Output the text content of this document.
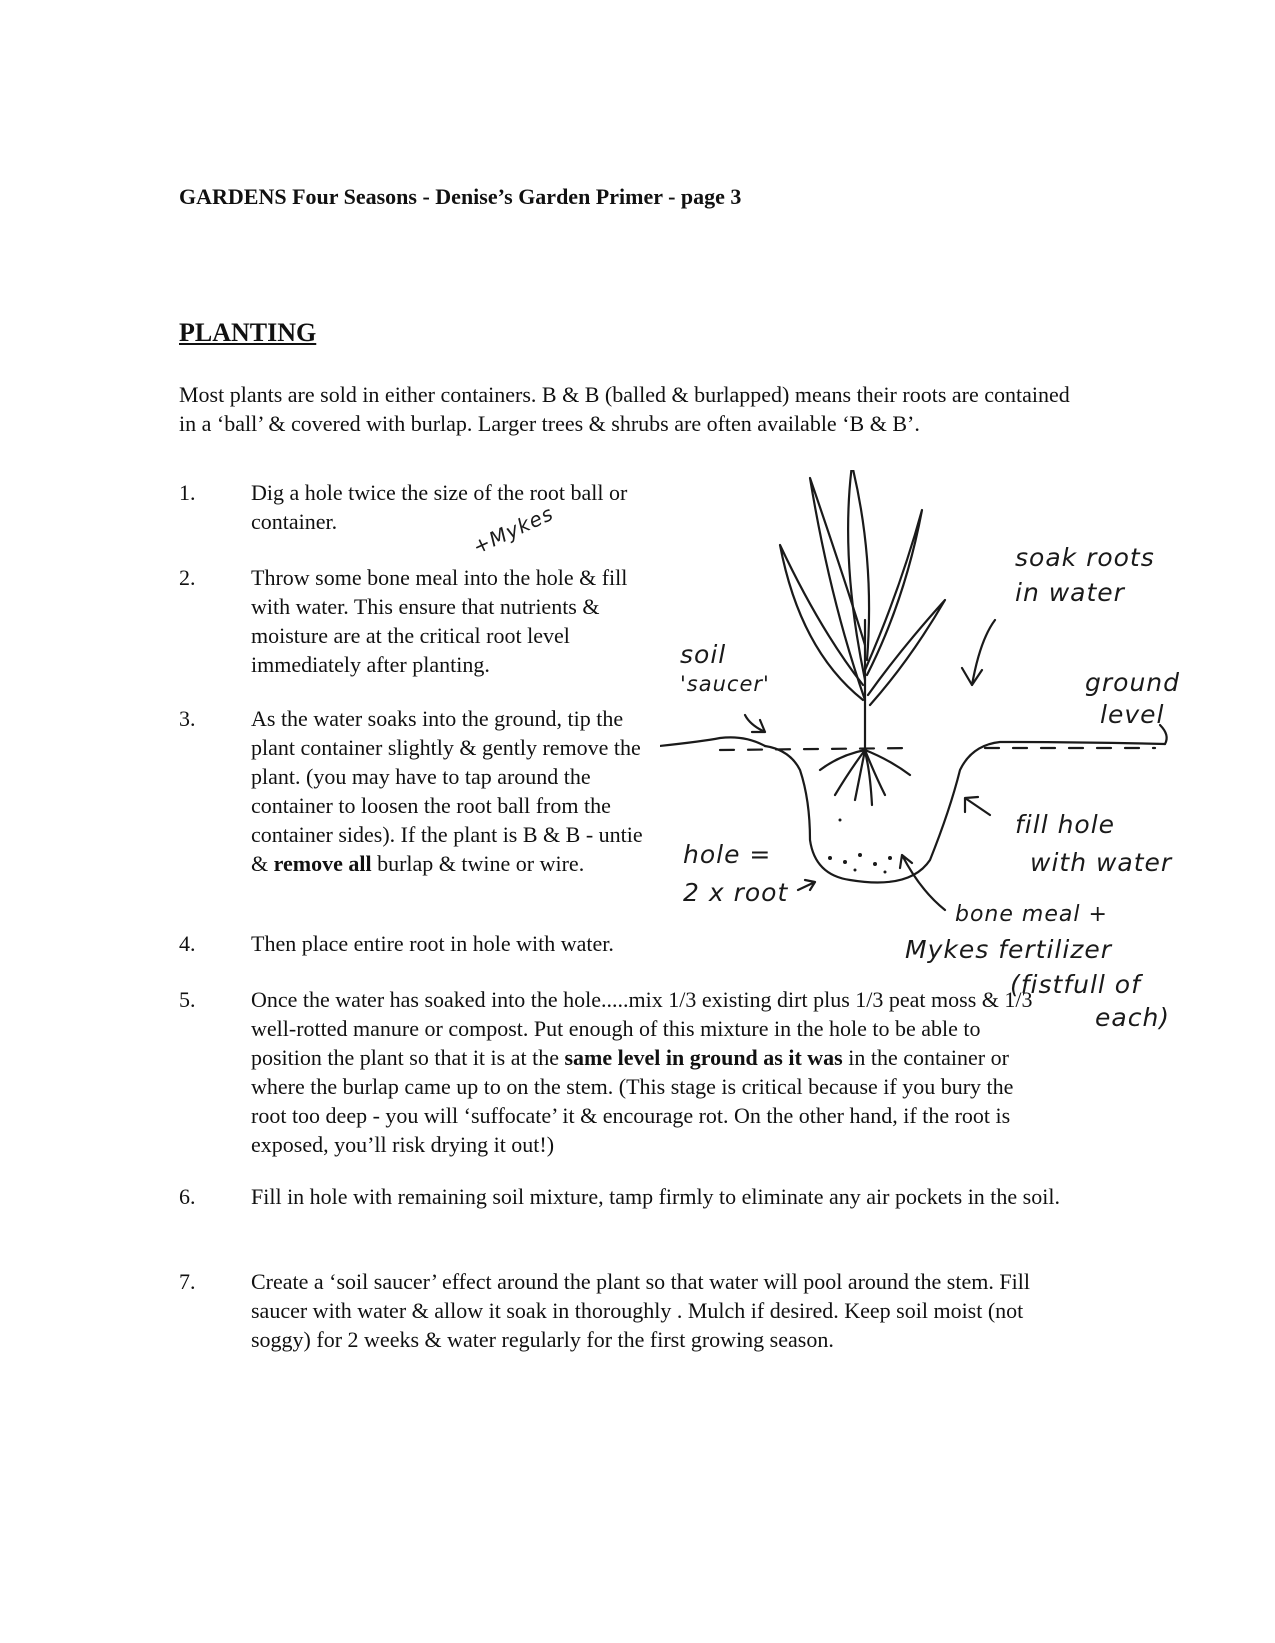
GARDENS Four Seasons - Denise’s Garden Primer - page 3
PLANTING

Most plants are sold in either containers. B & B (balled & burlapped) means their roots are contained in a ‘ball’ & covered with burlap. Larger trees & shrubs are often available ‘B & B’.

1.	Dig a hole twice the size of the root ball or container.

2.	Throw some bone meal into the hole & fill with water. This ensure that nutrients & moisture are at the critical root level immediately after planting.

3.	As the water soaks into the ground, tip the plant container slightly & gently remove the plant. (you may have to tap around the container to loosen the root ball from the container sides). If the plant is B & B - untie & remove all burlap & twine or wire.

4.	Then place entire root in hole with water.

5.	Once the water has soaked into the hole.....mix 1/3 existing dirt plus 1/3 peat moss & 1/3 well-rotted manure or compost. Put enough of this mixture in the hole to be able to position the plant so that it is at the same level in ground as it was in the container or where the burlap came up to on the stem. (This stage is critical because if you bury the root too deep - you will ‘suffocate’ it & encourage rot. On the other hand, if the root is exposed, you’ll risk drying it out!)

6.	Fill in hole with remaining soil mixture, tamp firmly to eliminate any air pockets in the soil.

7.	Create a ‘soil saucer’ effect around the plant so that water will pool around the stem. Fill saucer with water & allow it soak in thoroughly . Mulch if desired. Keep soil moist (not soggy) for 2 weeks & water regularly for the first growing season.

+Mykes	soak roots
in water
soil
'saucer'	ground
level
fill hole
with water
hole =
2 x root
bone meal +
Mykes fertilizer
(fistfull of
each)
